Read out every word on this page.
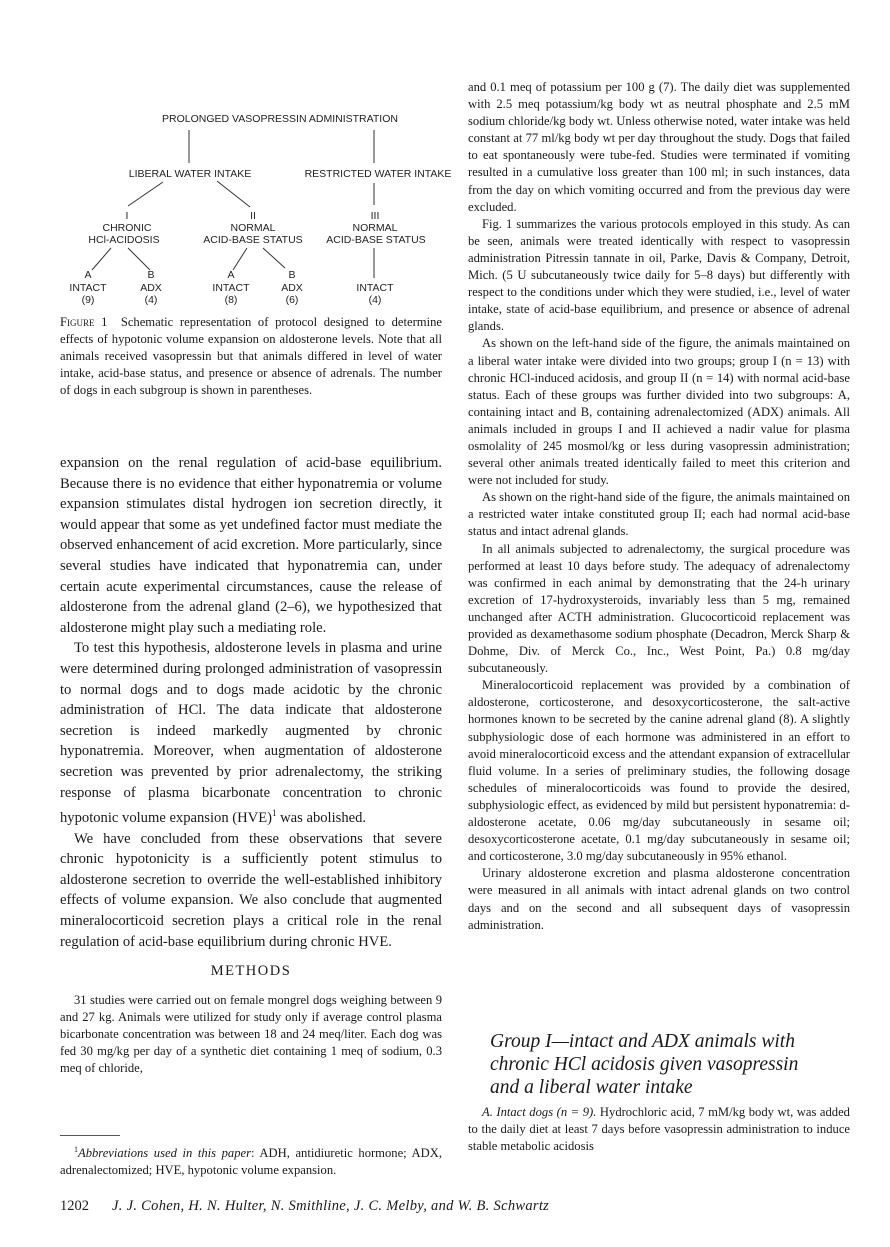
PROLONGED VASOPRESSIN ADMINISTRATION
LIBERAL WATER INTAKE	RESTRICTED WATER INTAKE
I
CHRONIC
HCl-ACIDOSIS
II
NORMAL
ACID-BASE STATUS
III
NORMAL
ACID-BASE STATUS
A
INTACT
(9)
B
ADX
(4)
A
INTACT
(8)
B
ADX
(6)
INTACT
(4)

Figure 1 Schematic representation of protocol designed to determine effects of hypotonic volume expansion on aldosterone levels. Note that all animals received vasopressin but that animals differed in level of water intake, acid-base status, and presence or absence of adrenals. The number of dogs in each subgroup is shown in parentheses.

expansion on the renal regulation of acid-base equilibrium. Because there is no evidence that either hyponatremia or volume expansion stimulates distal hydrogen ion secretion directly, it would appear that some as yet undefined factor must mediate the observed enhancement of acid excretion. More particularly, since several studies have indicated that hyponatremia can, under certain acute experimental circumstances, cause the release of aldosterone from the adrenal gland (2–6), we hypothesized that aldosterone might play such a mediating role.

To test this hypothesis, aldosterone levels in plasma and urine were determined during prolonged administration of vasopressin to normal dogs and to dogs made acidotic by the chronic administration of HCl. The data indicate that aldosterone secretion is indeed markedly augmented by chronic hyponatremia. Moreover, when augmentation of aldosterone secretion was prevented by prior adrenalectomy, the striking response of plasma bicarbonate concentration to chronic hypotonic volume expansion (HVE)$^1$ was abolished.

We have concluded from these observations that severe chronic hypotonicity is a sufficiently potent stimulus to aldosterone secretion to override the well-established inhibitory effects of volume expansion. We also conclude that augmented mineralocorticoid secretion plays a critical role in the renal regulation of acid-base equilibrium during chronic HVE.

METHODS

31 studies were carried out on female mongrel dogs weighing between 9 and 27 kg. Animals were utilized for study only if average control plasma bicarbonate concentration was between 18 and 24 meq/liter. Each dog was fed 30 mg/kg per day of a synthetic diet containing 1 meq of sodium, 0.3 meq of chloride,

$^1$Abbreviations used in this paper: ADH, antidiuretic hormone; ADX, adrenalectomized; HVE, hypotonic volume expansion.

and 0.1 meq of potassium per 100 g (7). The daily diet was supplemented with 2.5 meq potassium/kg body wt as neutral phosphate and 2.5 mM sodium chloride/kg body wt. Unless otherwise noted, water intake was held constant at 77 ml/kg body wt per day throughout the study. Dogs that failed to eat spontaneously were tube-fed. Studies were terminated if vomiting resulted in a cumulative loss greater than 100 ml; in such instances, data from the day on which vomiting occurred and from the previous day were excluded.

Fig. 1 summarizes the various protocols employed in this study. As can be seen, animals were treated identically with respect to vasopressin administration Pitressin tannate in oil, Parke, Davis & Company, Detroit, Mich. (5 U subcutaneously twice daily for 5–8 days) but differently with respect to the conditions under which they were studied, i.e., level of water intake, state of acid-base equilibrium, and presence or absence of adrenal glands.

As shown on the left-hand side of the figure, the animals maintained on a liberal water intake were divided into two groups; group I (n = 13) with chronic HCl-induced acidosis, and group II (n = 14) with normal acid-base status. Each of these groups was further divided into two subgroups: A, containing intact and B, containing adrenalectomized (ADX) animals. All animals included in groups I and II achieved a nadir value for plasma osmolality of 245 mosmol/kg or less during vasopressin administration; several other animals treated identically failed to meet this criterion and were not included for study.

As shown on the right-hand side of the figure, the animals maintained on a restricted water intake constituted group II; each had normal acid-base status and intact adrenal glands.

In all animals subjected to adrenalectomy, the surgical procedure was performed at least 10 days before study. The adequacy of adrenalectomy was confirmed in each animal by demonstrating that the 24-h urinary excretion of 17-hydroxysteroids, invariably less than 5 mg, remained unchanged after ACTH administration. Glucocorticoid replacement was provided as dexamethasome sodium phosphate (Decadron, Merck Sharp & Dohme, Div. of Merck Co., Inc., West Point, Pa.) 0.8 mg/day subcutaneously.

Mineralocorticoid replacement was provided by a combination of aldosterone, corticosterone, and desoxycorticosterone, the salt-active hormones known to be secreted by the canine adrenal gland (8). A slightly subphysiologic dose of each hormone was administered in an effort to avoid mineralocorticoid excess and the attendant expansion of extracellular fluid volume. In a series of preliminary studies, the following dosage schedules of mineralocorticoids was found to provide the desired, subphysiologic effect, as evidenced by mild but persistent hyponatremia: d-aldosterone acetate, 0.06 mg/day subcutaneously in sesame oil; desoxycorticosterone acetate, 0.1 mg/day subcutaneously in sesame oil; and corticosterone, 3.0 mg/day subcutaneously in 95% ethanol.

Urinary aldosterone excretion and plasma aldosterone concentration were measured in all animals with intact adrenal glands on two control days and on the second and all subsequent days of vasopressin administration.

Group I—intact and ADX animals with chronic HCl acidosis given vasopressin and a liberal water intake

A. Intact dogs (n = 9). Hydrochloric acid, 7 mM/kg body wt, was added to the daily diet at least 7 days before vasopressin administration to induce stable metabolic acidosis

1202 J. J. Cohen, H. N. Hulter, N. Smithline, J. C. Melby, and W. B. Schwartz
